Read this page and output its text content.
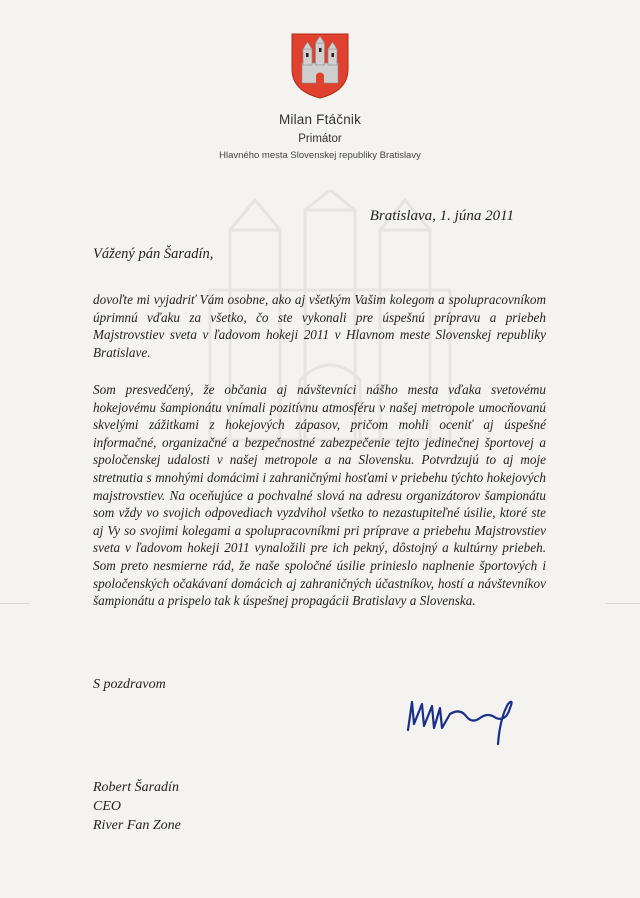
Milan Ftáčnik
Primátor
Hlavného mesta Slovenskej republiky Bratislavy
Bratislava, 1. júna 2011
Vážený pán Šaradín,

dovoľte mi vyjadriť Vám osobne, ako aj všetkým Vašim kolegom a spolupracovníkom úprimnú vďaku za všetko, čo ste vykonali pre úspešnú prípravu a priebeh Majstrovstiev sveta v ľadovom hokeji 2011 v Hlavnom meste Slovenskej republiky Bratislave.

Som presvedčený, že občania aj návštevníci nášho mesta vďaka svetovému hokejovému šampionátu vnímali pozitívnu atmosféru v našej metropole umocňovanú skvelými zážitkami z hokejových zápasov, pričom mohli oceniť aj úspešné informačné, organizačné a bezpečnostné zabezpečenie tejto jedinečnej športovej a spoločenskej udalosti v našej metropole a na Slovensku. Potvrdzujú to aj moje stretnutia s mnohými domácimi i zahraničnými hosťami v priebehu týchto hokejových majstrovstiev. Na oceňujúce a pochvalné slová na adresu organizátorov šampionátu som vždy vo svojich odpovediach vyzdvihol všetko to nezastupiteľné úsilie, ktoré ste aj Vy so svojimi kolegami a spolupracovníkmi pri príprave a priebehu Majstrovstiev sveta v ľadovom hokeji 2011 vynaložili pre ich pekný, dôstojný a kultúrny priebeh. Som preto nesmierne rád, že naše spoločné úsilie prinieslo naplnenie športových i spoločenských očakávaní domácich aj zahraničných účastníkov, hostí a návštevníkov šampionátu a prispelo tak k úspešnej propagácii Bratislavy a Slovenska.

S pozdravom
Robert Šaradín
CEO
River Fan Zone
